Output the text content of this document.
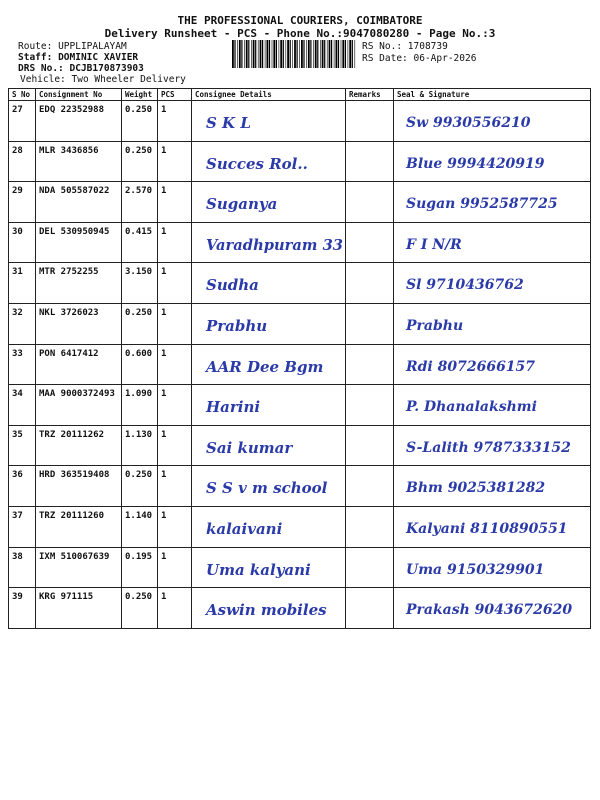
THE PROFESSIONAL COURIERS, COIMBATORE
Delivery Runsheet - PCS - Phone No.:9047080280 - Page No.:3
Route: UPPLIPALAYAM
Staff: DOMINIC XAVIER
DRS No.: DCJB170873903
Vehicle: Two Wheeler Delivery
RS No.: 1708739
RS Date: 06-Apr-2026
S No	Consignment No	Weight	PCS	Consignee Details	Remarks	Seal & Signature
27	EDQ 22352988	0.250	1	S K L		Sw 9930556210

28	MLR 3436856	0.250	1	Succes Rol..		Blue 9994420919

29	NDA 505587022	2.570	1	Suganya		Sugan 9952587725

30	DEL 530950945	0.415	1	Varadhpuram 33		F I N/R

31	MTR 2752255	3.150	1	Sudha		Sl 9710436762

32	NKL 3726023	0.250	1	Prabhu		Prabhu

33	PON 6417412	0.600	1	AAR Dee Bgm		Rdi 8072666157

34	MAA 9000372493	1.090	1	Harini		P. Dhanalakshmi

35	TRZ 20111262	1.130	1	Sai kumar		S-Lalith 9787333152

36	HRD 363519408	0.250	1	S S v m school		Bhm 9025381282

37	TRZ 20111260	1.140	1	kalaivani		Kalyani 8110890551

38	IXM 510067639	0.195	1	Uma kalyani		Uma 9150329901

39	KRG 971115	0.250	1	Aswin mobiles		Prakash 9043672620
